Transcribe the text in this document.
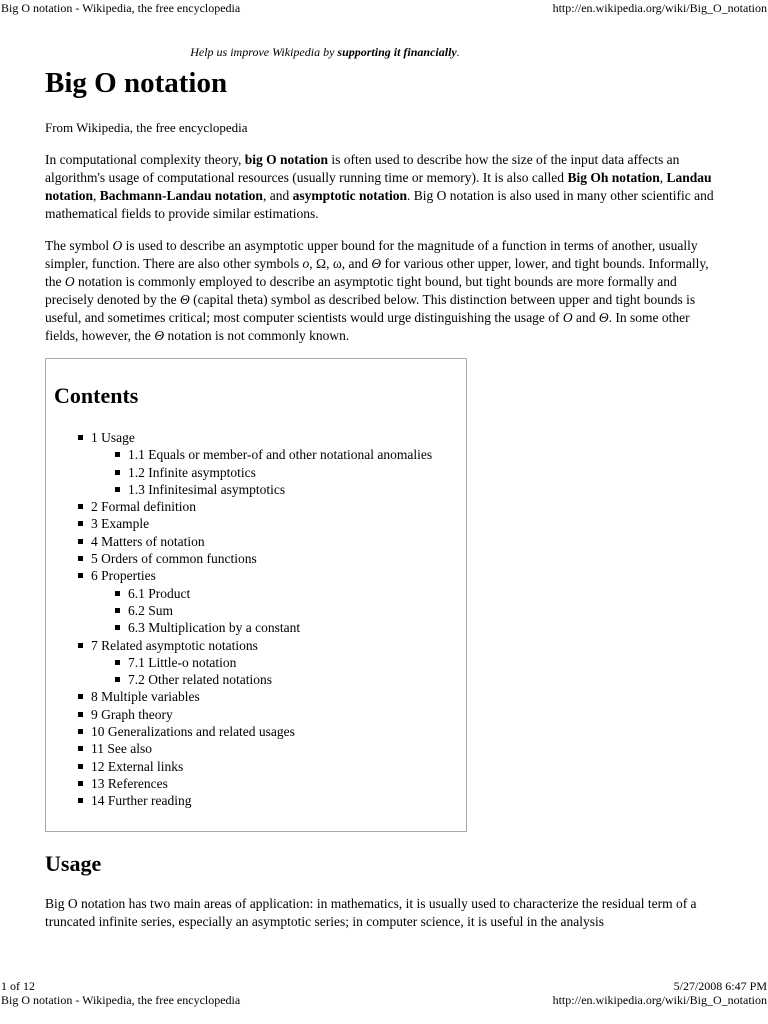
Big O notation - Wikipedia, the free encyclopedia	http://en.wikipedia.org/wiki/Big_O_notation
Help us improve Wikipedia by supporting it financially.
Big O notation
From Wikipedia, the free encyclopedia

In computational complexity theory, big O notation is often used to describe how the size of the input data affects an algorithm's usage of computational resources (usually running time or memory). It is also called Big Oh notation, Landau notation, Bachmann-Landau notation, and asymptotic notation. Big O notation is also used in many other scientific and mathematical fields to provide similar estimations.

The symbol O is used to describe an asymptotic upper bound for the magnitude of a function in terms of another, usually simpler, function. There are also other symbols o, Ω, ω, and Θ for various other upper, lower, and tight bounds. Informally, the O notation is commonly employed to describe an asymptotic tight bound, but tight bounds are more formally and precisely denoted by the Θ (capital theta) symbol as described below. This distinction between upper and tight bounds is useful, and sometimes critical; most computer scientists would urge distinguishing the usage of O and Θ. In some other fields, however, the Θ notation is not commonly known.

Contents
1 Usage
1.1 Equals or member-of and other notational anomalies
1.2 Infinite asymptotics
1.3 Infinitesimal asymptotics
2 Formal definition
3 Example
4 Matters of notation
5 Orders of common functions
6 Properties
6.1 Product
6.2 Sum
6.3 Multiplication by a constant
7 Related asymptotic notations
7.1 Little-o notation
7.2 Other related notations
8 Multiple variables
9 Graph theory
10 Generalizations and related usages
11 See also
12 External links
13 References
14 Further reading
Usage

Big O notation has two main areas of application: in mathematics, it is usually used to characterize the residual term of a truncated infinite series, especially an asymptotic series; in computer science, it is useful in the analysis

1 of 12	5/27/2008 6:47 PM
Big O notation - Wikipedia, the free encyclopedia	http://en.wikipedia.org/wiki/Big_O_notation
